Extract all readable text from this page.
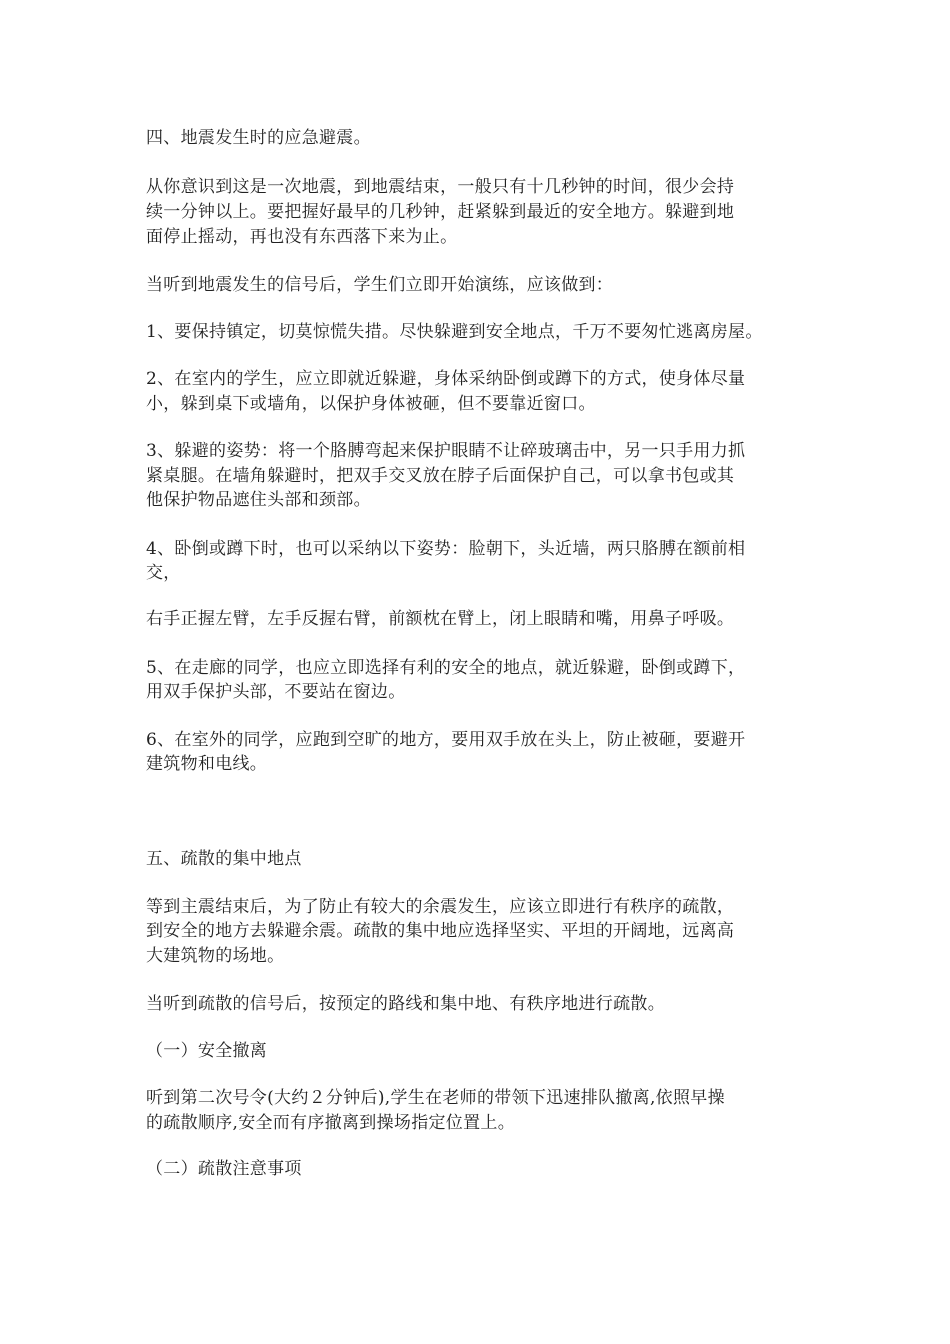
四、地震发生时的应急避震。
从你意识到这是一次地震，到地震结束，一般只有十几秒钟的时间，很少会持
续一分钟以上。要把握好最早的几秒钟，赶紧躲到最近的安全地方。躲避到地
面停止摇动，再也没有东西落下来为止。
当听到地震发生的信号后，学生们立即开始演练，应该做到：
1、要保持镇定，切莫惊慌失措。尽快躲避到安全地点，千万不要匆忙逃离房屋。
2、在室内的学生，应立即就近躲避，身体采纳卧倒或蹲下的方式，使身体尽量
小，躲到桌下或墙角，以保护身体被砸，但不要靠近窗口。
3、躲避的姿势：将一个胳膊弯起来保护眼睛不让碎玻璃击中，另一只手用力抓
紧桌腿。在墙角躲避时，把双手交叉放在脖子后面保护自己，可以拿书包或其
他保护物品遮住头部和颈部。
4、卧倒或蹲下时，也可以采纳以下姿势：脸朝下，头近墙，两只胳膊在额前相
交，
右手正握左臂，左手反握右臂，前额枕在臂上，闭上眼睛和嘴，用鼻子呼吸。
5、在走廊的同学，也应立即选择有利的安全的地点，就近躲避，卧倒或蹲下，
用双手保护头部，不要站在窗边。
6、在室外的同学，应跑到空旷的地方，要用双手放在头上，防止被砸，要避开
建筑物和电线。
五、疏散的集中地点
等到主震结束后，为了防止有较大的余震发生，应该立即进行有秩序的疏散，
到安全的地方去躲避余震。疏散的集中地应选择坚实、平坦的开阔地，远离高
大建筑物的场地。
当听到疏散的信号后，按预定的路线和集中地、有秩序地进行疏散。
（一）安全撤离
听到第二次号令(大约２分钟后),学生在老师的带领下迅速排队撤离,依照早操
的疏散顺序,安全而有序撤离到操场指定位置上。
（二）疏散注意事项
